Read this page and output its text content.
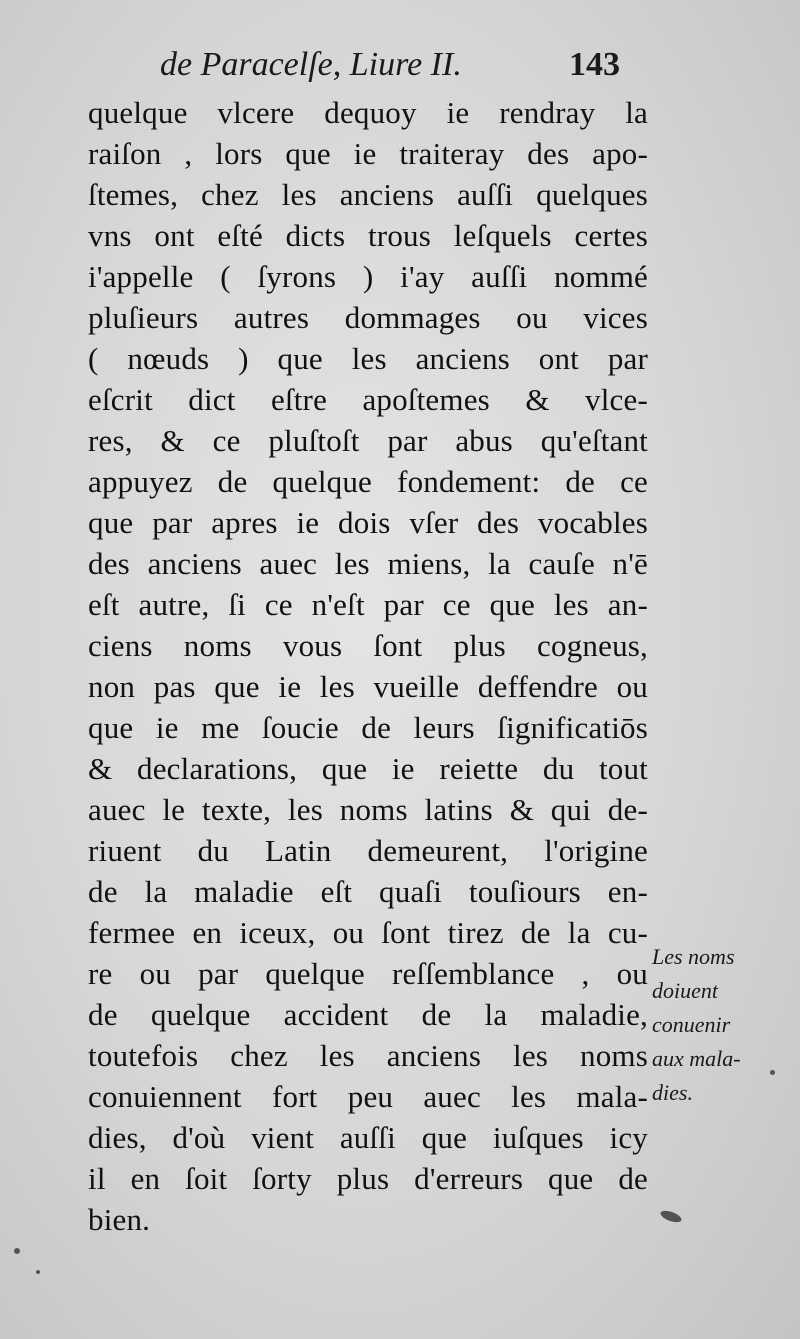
de Paracelſe, Liure II.	143
quelque vlcere dequoy ie rendray la
raiſon , lors que ie traiteray des apo-
ſtemes, chez les anciens auſſi quelques
vns ont eſté dicts trous leſquels certes
i'appelle ( ſyrons ) i'ay auſſi nommé
pluſieurs autres dommages ou vices
( nœuds ) que les anciens ont par
eſcrit dict eſtre apoſtemes & vlce-
res, & ce pluſtoſt par abus qu'eſtant
appuyez de quelque fondement: de ce
que par apres ie dois vſer des vocables
des anciens auec les miens, la cauſe n'ē
eſt autre, ſi ce n'eſt par ce que les an-
ciens noms vous ſont plus cogneus,
non pas que ie les vueille deffendre ou
que ie me ſoucie de leurs ſignificatiōs
& declarations, que ie reiette du tout
auec le texte, les noms latins & qui de-
riuent du Latin demeurent, l'origine
de la maladie eſt quaſi touſiours en-
fermee en iceux, ou ſont tirez de la cu-
re ou par quelque reſſemblance , ou
de quelque accident de la maladie,
toutefois chez les anciens les noms
conuiennent fort peu auec les mala-
dies, d'où vient auſſi que iuſques icy
il en ſoit ſorty plus d'erreurs que de
bien.
Les noms
doiuent
conuenir
aux mala-
dies.
